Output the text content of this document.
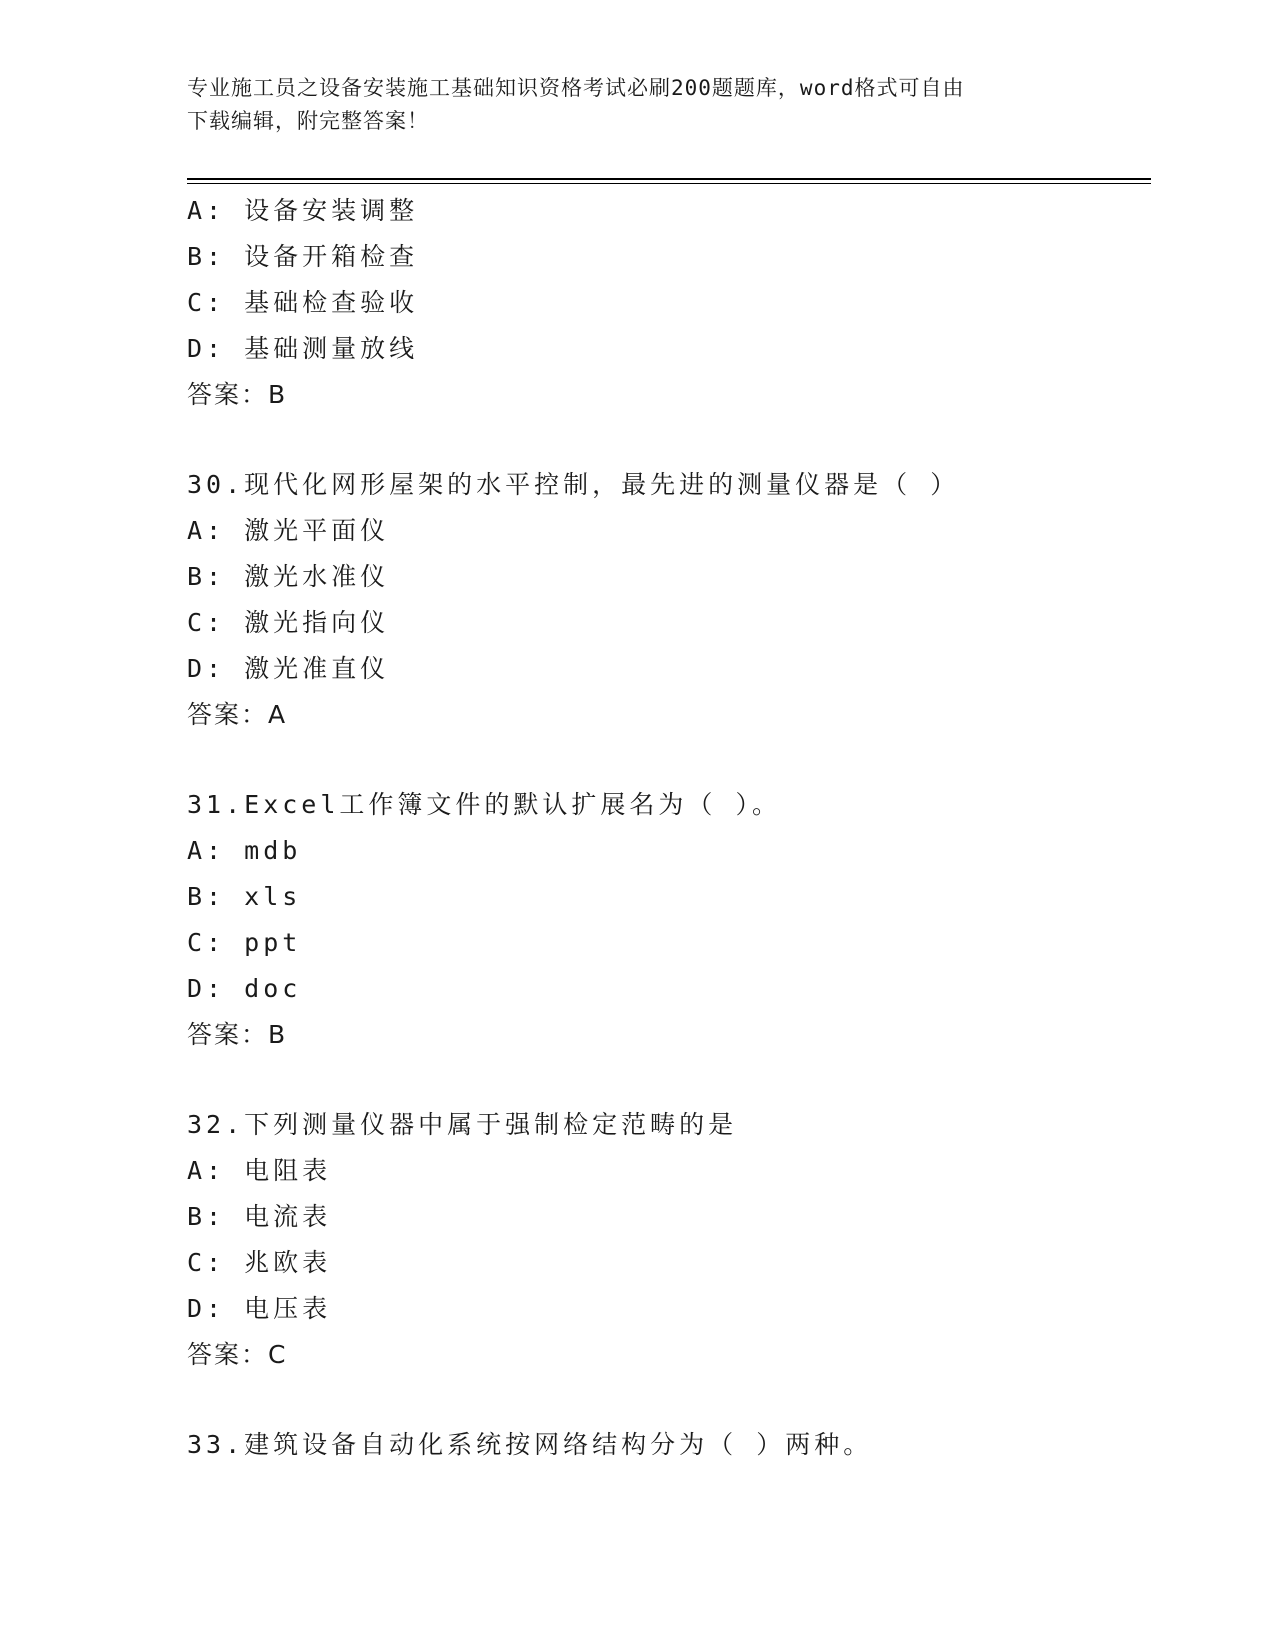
专业施工员之设备安装施工基础知识资格考试必刷200题题库，word格式可自由
下载编辑，附完整答案！
A: 设备安装调整
B: 设备开箱检查
C: 基础检查验收
D: 基础测量放线
答案：B
30.现代化网形屋架的水平控制，最先进的测量仪器是（ ）
A: 激光平面仪
B: 激光水准仪
C: 激光指向仪
D: 激光准直仪
答案：A
31.Excel工作簿文件的默认扩展名为（ ）。
A: mdb
B: xls
C: ppt
D: doc
答案：B
32.下列测量仪器中属于强制检定范畴的是
A: 电阻表
B: 电流表
C: 兆欧表
D: 电压表
答案：C
33.建筑设备自动化系统按网络结构分为（ ）两种。
